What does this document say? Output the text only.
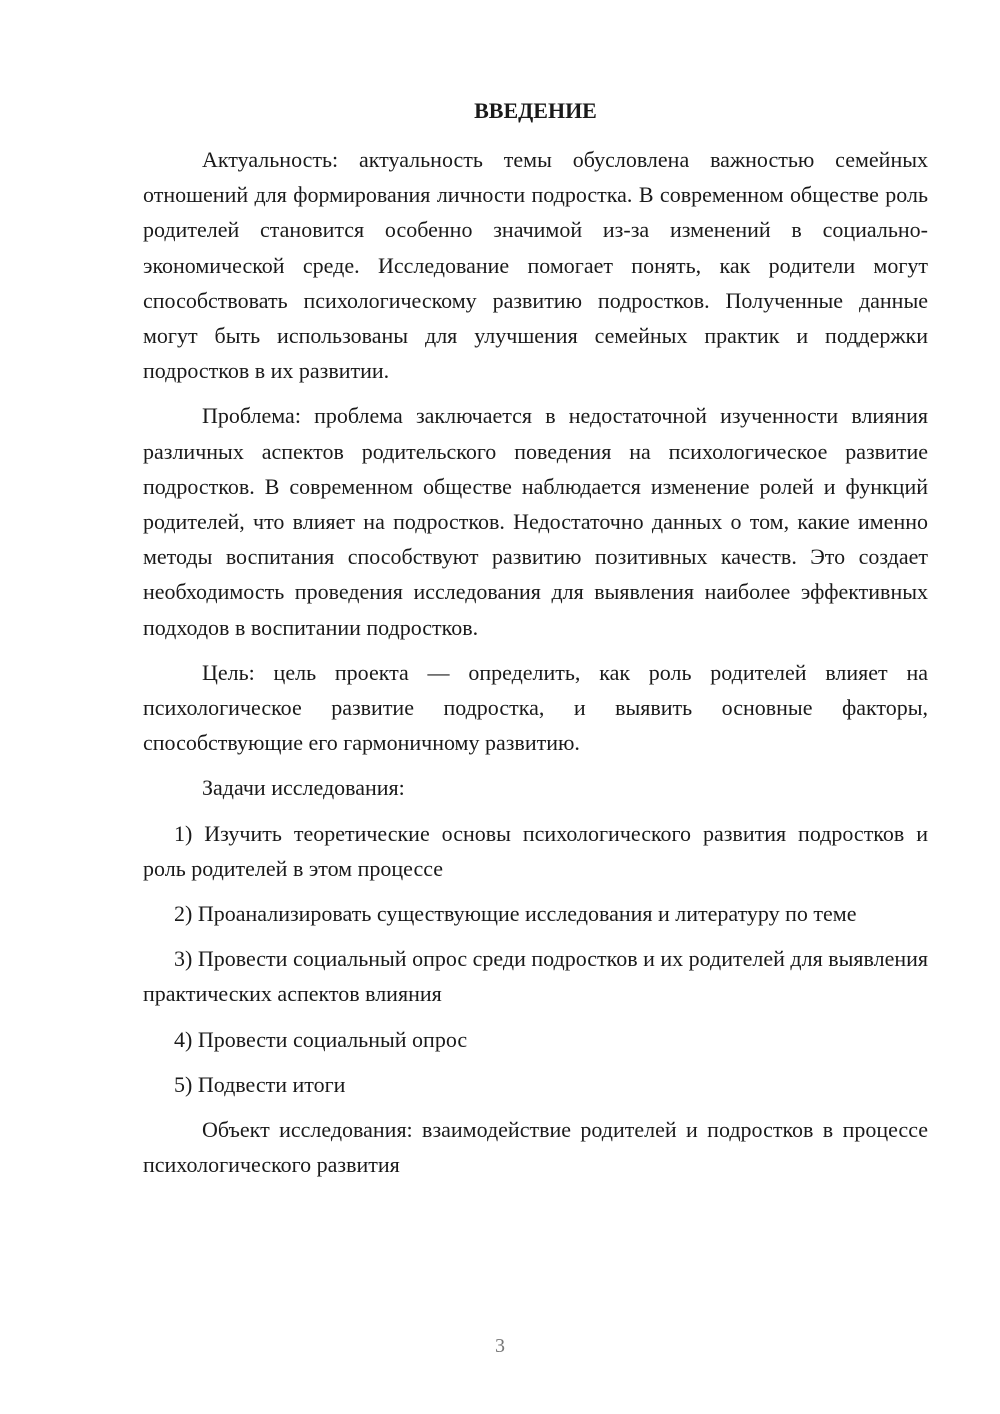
ВВЕДЕНИЕ

Актуальность: актуальность темы обусловлена важностью семейных отношений для формирования личности подростка. В современном обществе роль родителей становится особенно значимой из-за изменений в социально-экономической среде. Исследование помогает понять, как родители могут способствовать психологическому развитию подростков. Полученные данные могут быть использованы для улучшения семейных практик и поддержки подростков в их развитии.

Проблема: проблема заключается в недостаточной изученности влияния различных аспектов родительского поведения на психологическое развитие подростков. В современном обществе наблюдается изменение ролей и функций родителей, что влияет на подростков. Недостаточно данных о том, какие именно методы воспитания способствуют развитию позитивных качеств. Это создает необходимость проведения исследования для выявления наиболее эффективных подходов в воспитании подростков.

Цель: цель проекта — определить, как роль родителей влияет на психологическое развитие подростка, и выявить основные факторы, способствующие его гармоничному развитию.

Задачи исследования:

1) Изучить теоретические основы психологического развития подростков и роль родителей в этом процессе

2) Проанализировать существующие исследования и литературу по теме

3) Провести социальный опрос среди подростков и их родителей для выявления практических аспектов влияния

4) Провести социальный опрос

5) Подвести итоги

Объект исследования: взаимодействие родителей и подростков в процессе психологического развития

3
